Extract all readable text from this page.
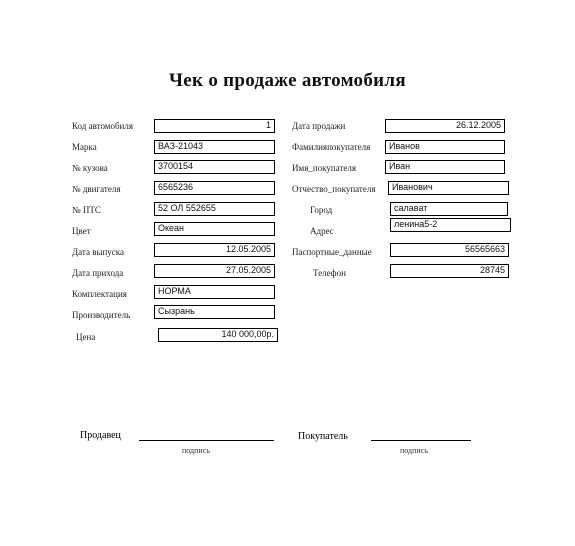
Чек о продаже автомобиля
Код автомобиля
Марка
№ кузова
№ двигателя
№ ПТС
Цвет
Дата выпуска
Дата прихода
Комплектация
Производитель
Цена
1
ВАЗ-21043
3700154
6565236
52 ОЛ 552655
Океан
12.05.2005
27.05.2005
НОРМА
Сызрань
140 000,00р.
Дата продажи
Фамилияпокупателя
Имя_покупателя
Отчество_покупателя
Город
Адрес
Паспортные_данные
Телефон
26.12.2005
Иванов
Иван
Иванович
салават
ленина5-2
56565663
28745
Продавец
подпись
Покупатель
подпись
